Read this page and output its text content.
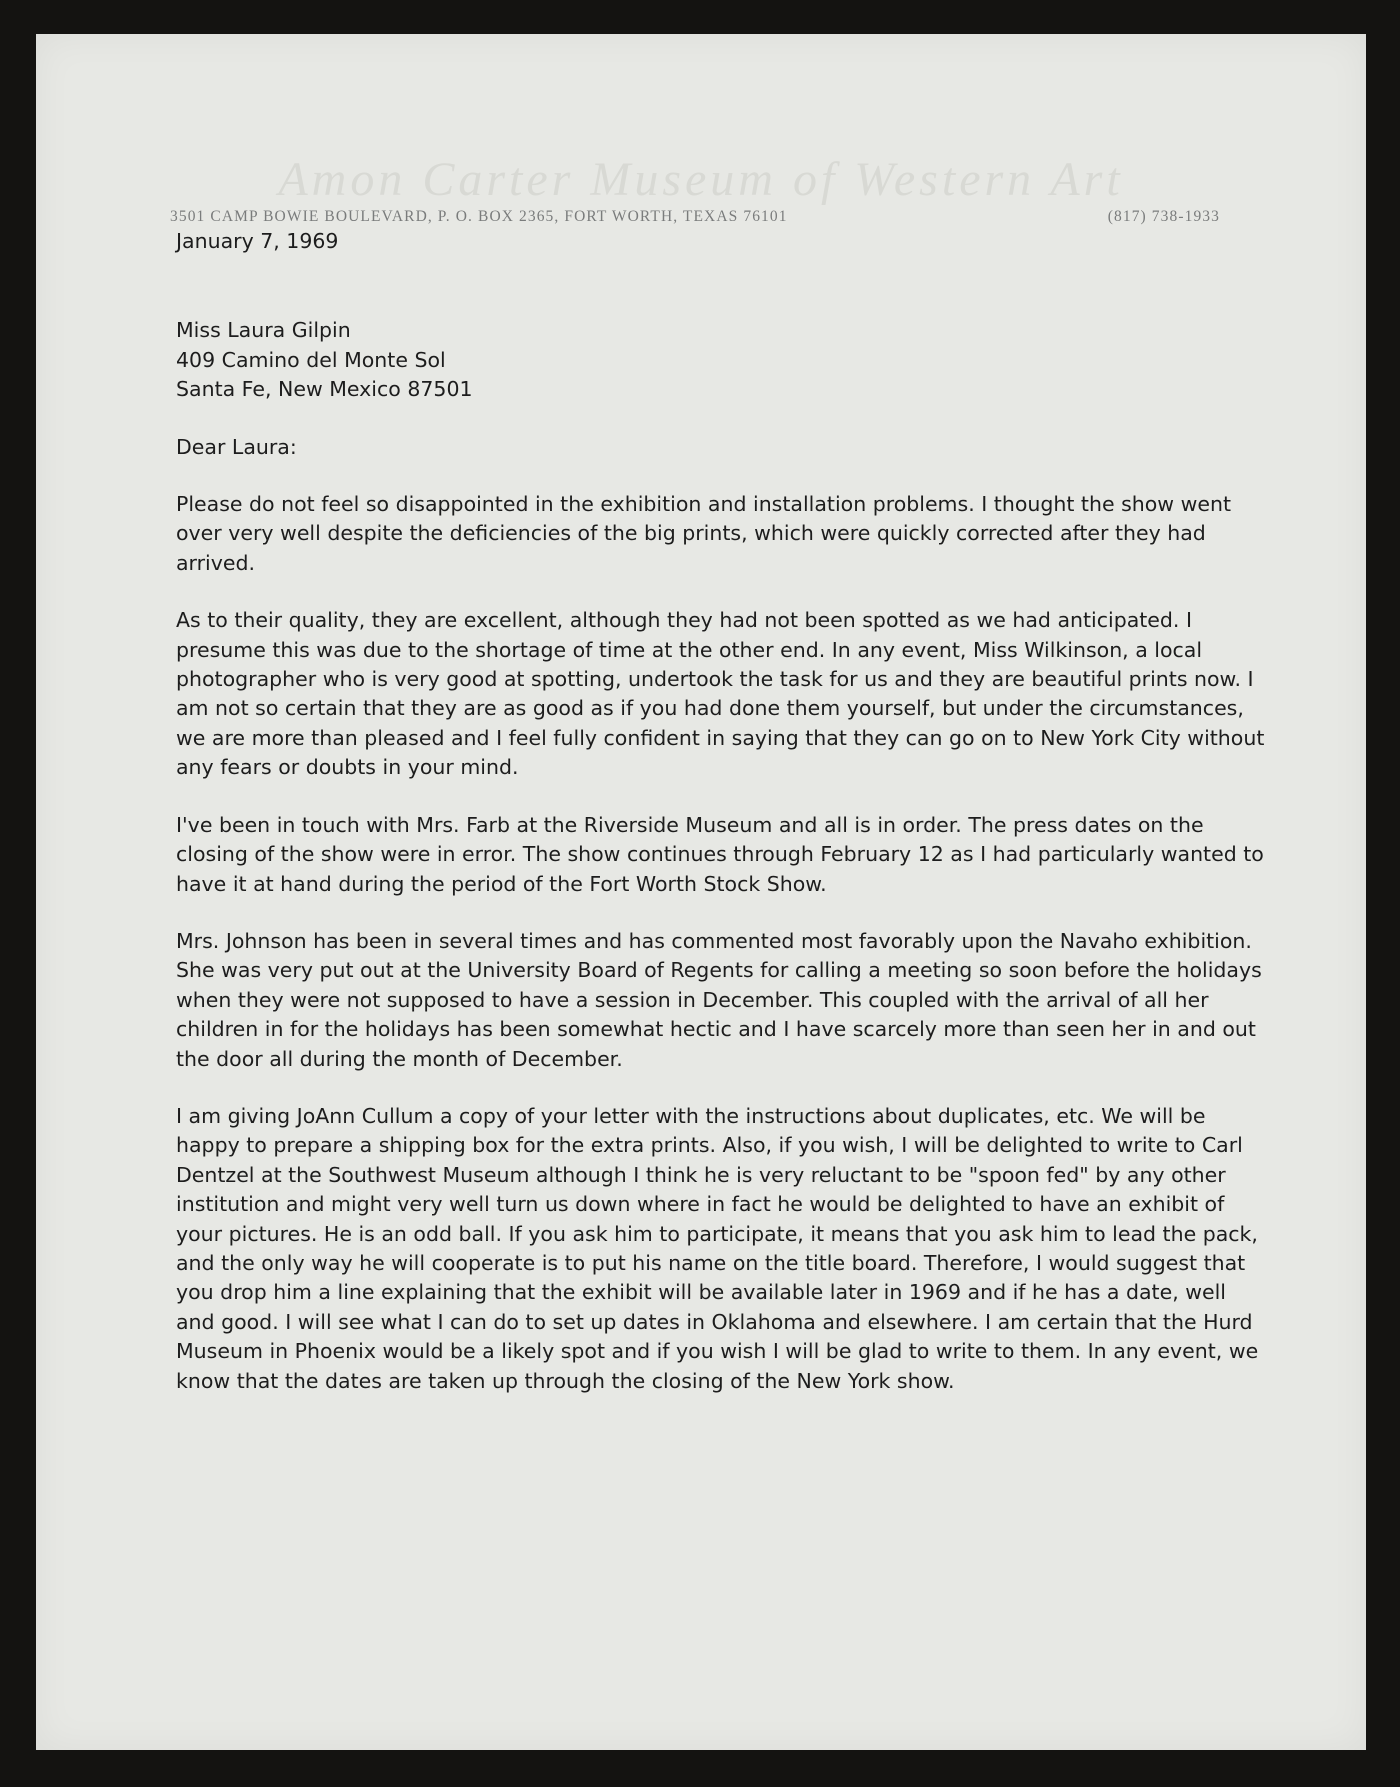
Amon Carter Museum of Western Art
3501 CAMP BOWIE BOULEVARD, P. O. BOX 2365, FORT WORTH, TEXAS 76101	(817) 738-1933

January 7, 1969

Miss Laura Gilpin
409 Camino del Monte Sol
Santa Fe, New Mexico 87501

Dear Laura:

Please do not feel so disappointed in the exhibition and installation problems. I thought the show went over very well despite the deficiencies of the big prints, which were quickly corrected after they had arrived.

As to their quality, they are excellent, although they had not been spotted as we had anticipated. I presume this was due to the shortage of time at the other end. In any event, Miss Wilkinson, a local photographer who is very good at spotting, undertook the task for us and they are beautiful prints now. I am not so certain that they are as good as if you had done them yourself, but under the circumstances, we are more than pleased and I feel fully confident in saying that they can go on to New York City without any fears or doubts in your mind.

I've been in touch with Mrs. Farb at the Riverside Museum and all is in order. The press dates on the closing of the show were in error. The show continues through February 12 as I had particularly wanted to have it at hand during the period of the Fort Worth Stock Show.

Mrs. Johnson has been in several times and has commented most favorably upon the Navaho exhibition. She was very put out at the University Board of Regents for calling a meeting so soon before the holidays when they were not supposed to have a session in December. This coupled with the arrival of all her children in for the holidays has been somewhat hectic and I have scarcely more than seen her in and out the door all during the month of December.

I am giving JoAnn Cullum a copy of your letter with the instructions about duplicates, etc. We will be happy to prepare a shipping box for the extra prints. Also, if you wish, I will be delighted to write to Carl Dentzel at the Southwest Museum although I think he is very reluctant to be "spoon fed" by any other institution and might very well turn us down where in fact he would be delighted to have an exhibit of your pictures. He is an odd ball. If you ask him to participate, it means that you ask him to lead the pack, and the only way he will cooperate is to put his name on the title board. Therefore, I would suggest that you drop him a line explaining that the exhibit will be available later in 1969 and if he has a date, well and good. I will see what I can do to set up dates in Oklahoma and elsewhere. I am certain that the Hurd Museum in Phoenix would be a likely spot and if you wish I will be glad to write to them. In any event, we know that the dates are taken up through the closing of the New York show.
